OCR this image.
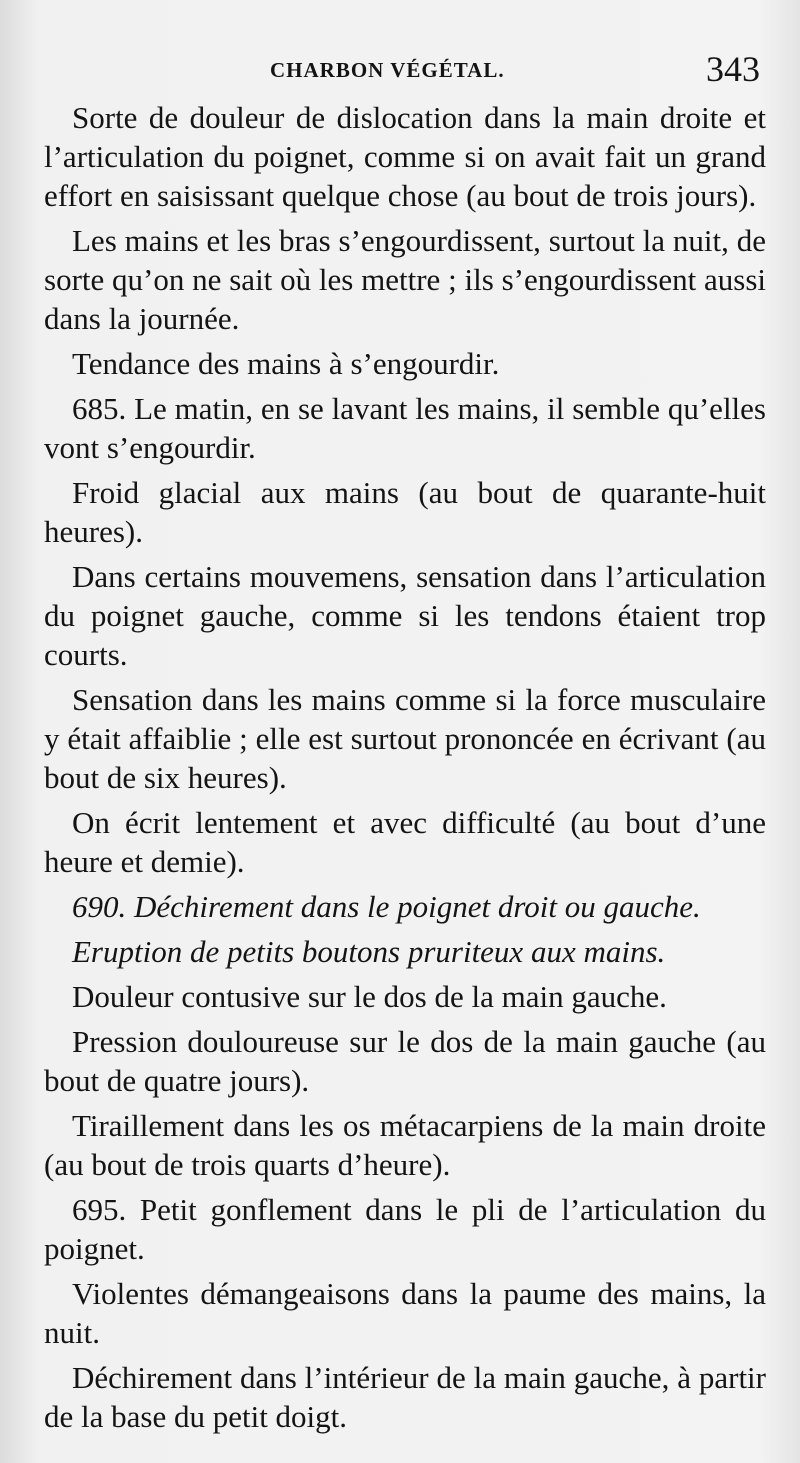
CHARBON VÉGÉTAL.	343

Sorte de douleur de dislocation dans la main droite et l’articulation du poignet, comme si on avait fait un grand effort en saisissant quelque chose (au bout de trois jours).

Les mains et les bras s’engourdissent, surtout la nuit, de sorte qu’on ne sait où les mettre ; ils s’engourdissent aussi dans la journée.

Tendance des mains à s’engourdir.

685. Le matin, en se lavant les mains, il semble qu’elles vont s’engourdir.

Froid glacial aux mains (au bout de quarante-huit heures).

Dans certains mouvemens, sensation dans l’articulation du poignet gauche, comme si les tendons étaient trop courts.

Sensation dans les mains comme si la force musculaire y était affaiblie ; elle est surtout prononcée en écrivant (au bout de six heures).

On écrit lentement et avec difficulté (au bout d’une heure et demie).

690. Déchirement dans le poignet droit ou gauche.

Eruption de petits boutons pruriteux aux mains.

Douleur contusive sur le dos de la main gauche.

Pression douloureuse sur le dos de la main gauche (au bout de quatre jours).

Tiraillement dans les os métacarpiens de la main droite (au bout de trois quarts d’heure).

695. Petit gonflement dans le pli de l’articulation du poignet.

Violentes démangeaisons dans la paume des mains, la nuit.

Déchirement dans l’intérieur de la main gauche, à partir de la base du petit doigt.
